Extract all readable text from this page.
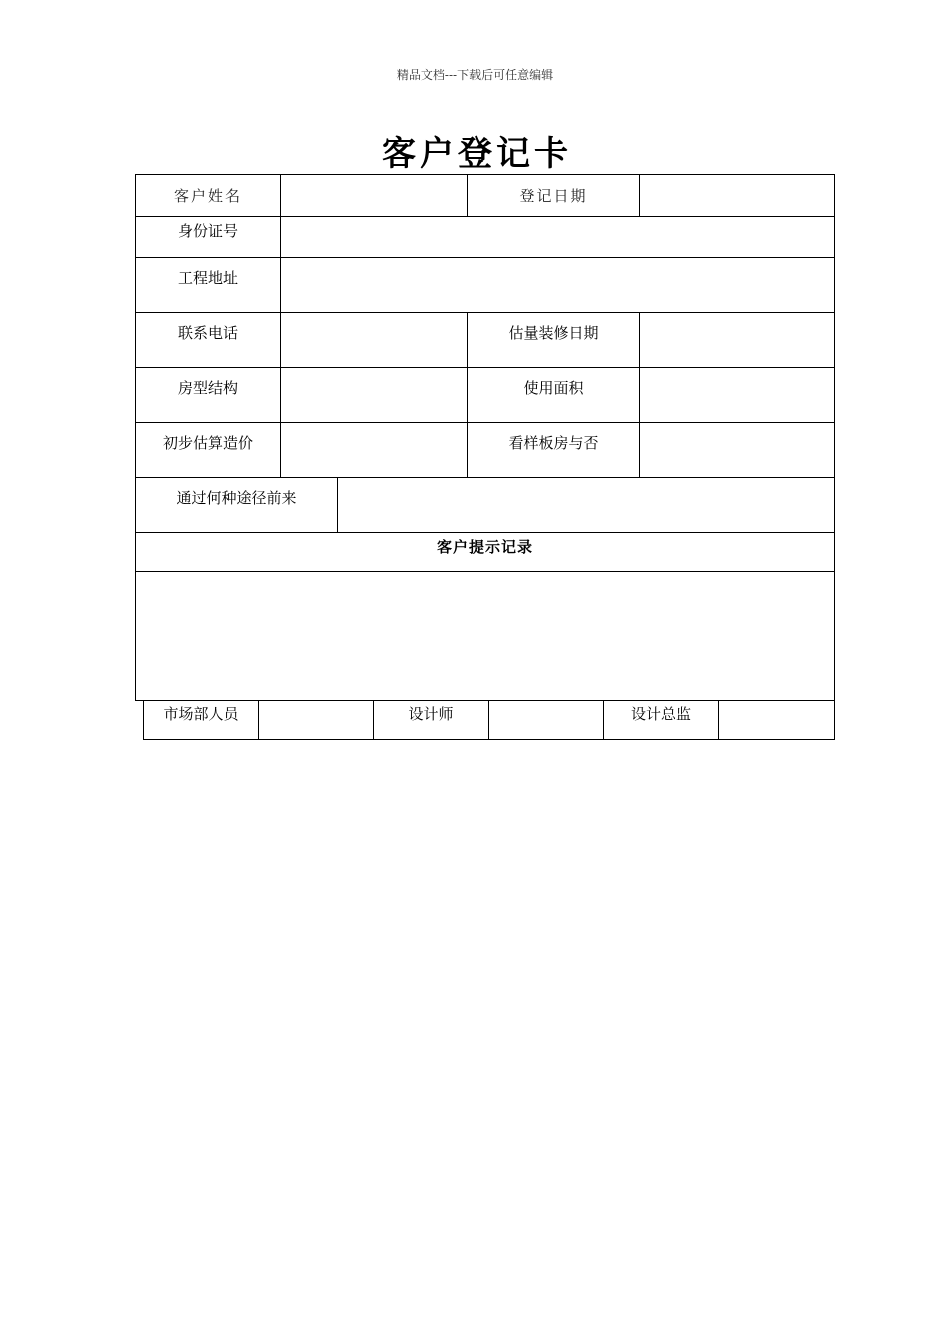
精品文档---下载后可任意编辑
客户登记卡
客户姓名	登记日期
身份证号
工程地址
联系电话	估量装修日期
房型结构	使用面积
初步估算造价	看样板房与否
通过何种途径前来
客户提示记录
市场部人员	设计师	设计总监
